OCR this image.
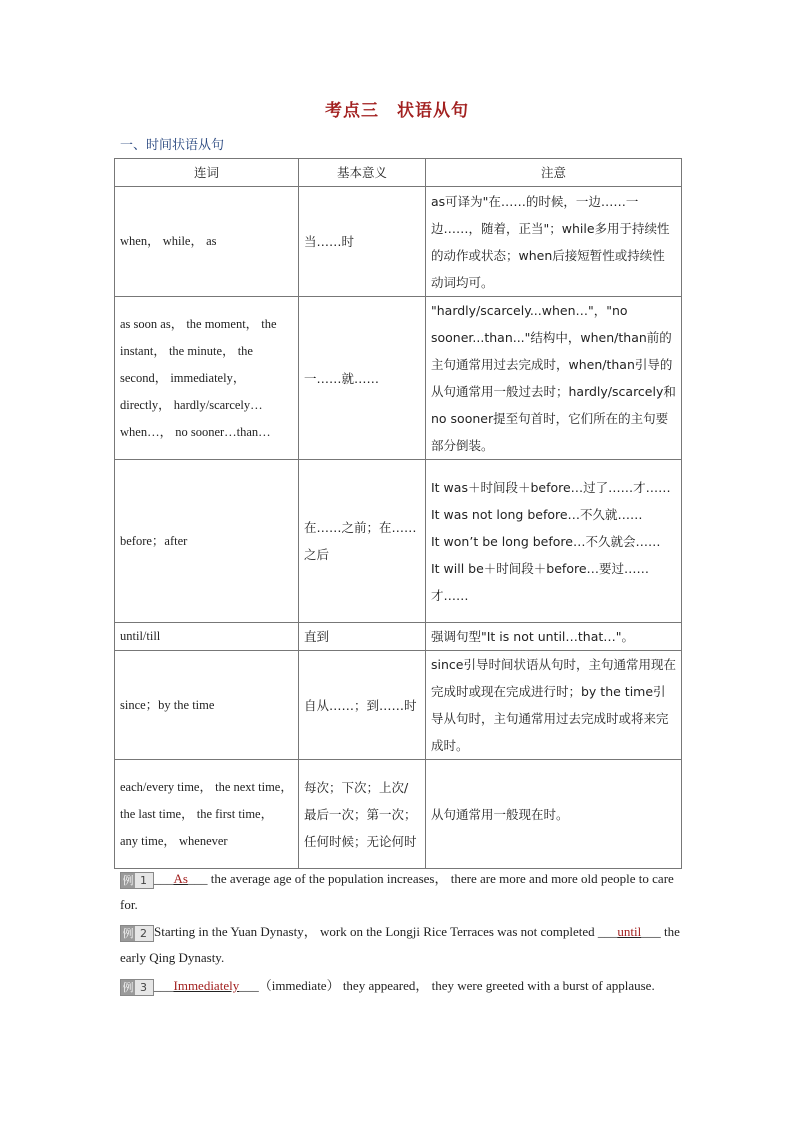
考点三　状语从句
一、时间状语从句
连词	基本意义	注意
when， while， as	当……时	as可译为"在……的时候，一边……一边……，随着，正当"；while多用于持续性的动作或状态；when后接短暂性或持续性动词均可。
as soon as， the moment， the instant， the minute， the second， immediately， directly， hardly/scarcely…when…， no sooner…than…	一……就……	"hardly/scarcely...when…"，"no sooner...than..."结构中，when/than前的主句通常用过去完成时，when/than引导的从句通常用一般过去时；hardly/scarcely和no sooner提至句首时，它们所在的主句要部分倒装。
before；after	在……之前；在……之后	It was＋时间段＋before…过了……才……
It was not long before…不久就……
It won’t be long before…不久就会……
It will be＋时间段＋before…要过……才……

until/till	直到	强调句型"It is not until…that…"。
since；by the time	自从……；到……时	since引导时间状语从句时，主句通常用现在完成时或现在完成进行时；by the time引导从句时，主句通常用过去完成时或将来完成时。
each/every time， the next time， the last time， the first time， any time， whenever	每次；下次；上次/最后一次；第一次；任何时候；无论何时	从句通常用一般现在时。
例 1 ___As___ the average age of the population increases， there are more and more old people to care for.
例 2 Starting in the Yuan Dynasty， work on the Longji Rice Terraces was not completed ___until___ the early Qing Dynasty.
例 3 ___Immediately___（immediate） they appeared， they were greeted with a burst of applause.
